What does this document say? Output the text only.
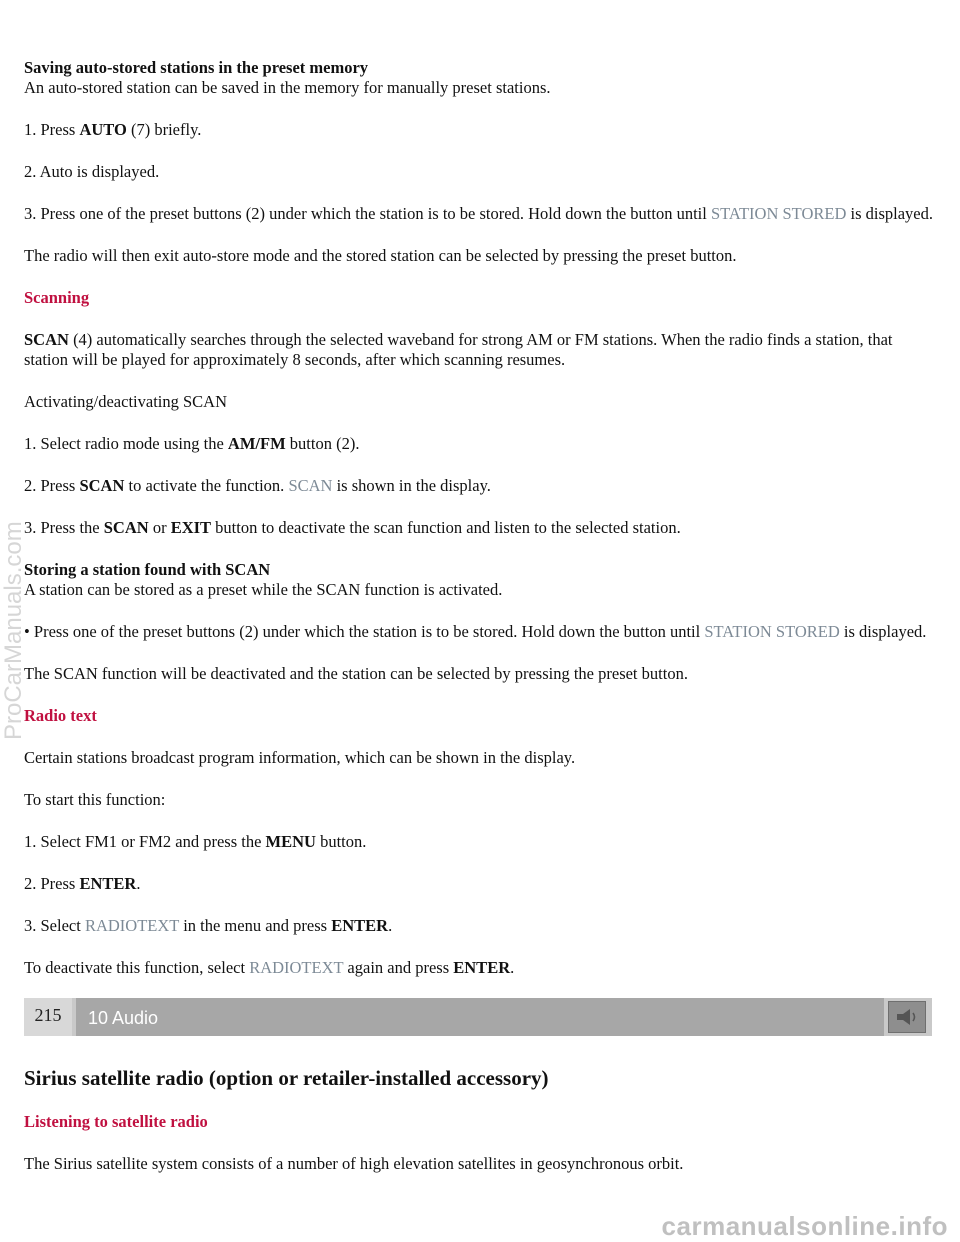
Saving auto-stored stations in the preset memory
An auto-stored station can be saved in the memory for manually preset stations.
1. Press AUTO (7) briefly.
2. Auto is displayed.
3. Press one of the preset buttons (2) under which the station is to be stored. Hold down the button until STATION STORED is displayed.
The radio will then exit auto-store mode and the stored station can be selected by pressing the preset button.
Scanning
SCAN (4) automatically searches through the selected waveband for strong AM or FM stations. When the radio finds a station, that station will be played for approximately 8 seconds, after which scanning resumes.
Activating/deactivating SCAN
1. Select radio mode using the AM/FM button (2).
2. Press SCAN to activate the function. SCAN is shown in the display.
3. Press the SCAN or EXIT button to deactivate the scan function and listen to the selected station.
Storing a station found with SCAN
A station can be stored as a preset while the SCAN function is activated.
• Press one of the preset buttons (2) under which the station is to be stored. Hold down the button until STATION STORED is displayed.
The SCAN function will be deactivated and the station can be selected by pressing the preset button.
Radio text
Certain stations broadcast program information, which can be shown in the display.
To start this function:
1. Select FM1 or FM2 and press the MENU button.
2. Press ENTER.
3. Select RADIOTEXT in the menu and press ENTER.
To deactivate this function, select RADIOTEXT again and press ENTER.
215	10 Audio
Sirius satellite radio (option or retailer-installed accessory)
Listening to satellite radio
The Sirius satellite system consists of a number of high elevation satellites in geosynchronous orbit.
ProCarManuals.com
carmanualsonline.info
